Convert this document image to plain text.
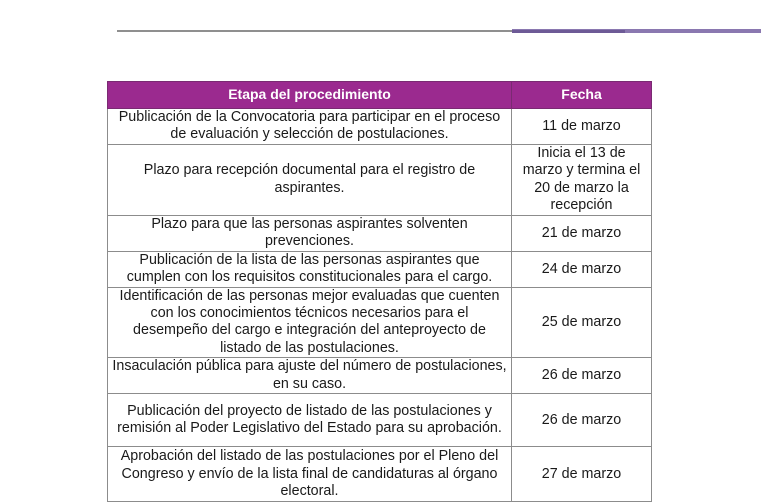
Etapa del procedimiento	Fecha
Publicación de la Convocatoria para participar en el proceso de evaluación y selección de postulaciones.	11 de marzo
Plazo para recepción documental para el registro de aspirantes.	Inicia el 13 de marzo y termina el 20 de marzo la recepción
Plazo para que las personas aspirantes solventen prevenciones.	21 de marzo
Publicación de la lista de las personas aspirantes que cumplen con los requisitos constitucionales para el cargo.	24 de marzo
Identificación de las personas mejor evaluadas que cuenten con los conocimientos técnicos necesarios para el desempeño del cargo e integración del anteproyecto de listado de las postulaciones.	25 de marzo
Insaculación pública para ajuste del número de postulaciones, en su caso.	26 de marzo
Publicación del proyecto de listado de las postulaciones y remisión al Poder Legislativo del Estado para su aprobación.	26 de marzo
Aprobación del listado de las postulaciones por el Pleno del Congreso y envío de la lista final de candidaturas al órgano electoral.	27 de marzo
